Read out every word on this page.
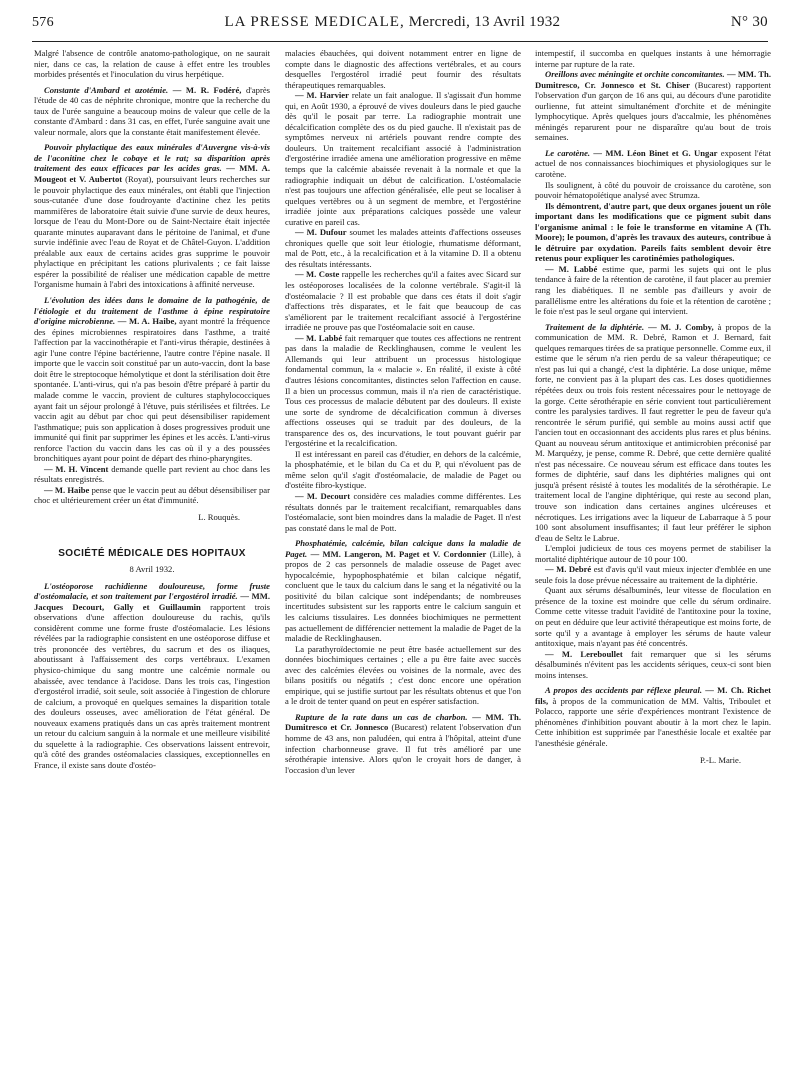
576	LA PRESSE MEDICALE, Mercredi, 13 Avril 1932	N° 30

Malgré l'absence de contrôle anatomo-pathologique, on ne saurait nier, dans ce cas, la relation de cause à effet entre les troubles morbides présentés et l'inoculation du virus herpétique.

Constante d'Ambard et azotémie. — M. R. Fodéré, d'après l'étude de 40 cas de néphrite chronique, montre que la recherche du taux de l'urée sanguine a beaucoup moins de valeur que celle de la constante d'Ambard : dans 31 cas, en effet, l'urée sanguine avait une valeur normale, alors que la constante était manifestement élevée.

Pouvoir phylactique des eaux minérales d'Auvergne vis-à-vis de l'aconitine chez le cobaye et le rat; sa disparition après traitement des eaux efficaces par les acides gras. — MM. A. Mougeot et V. Aubertot (Royat), poursuivant leurs recherches sur le pouvoir phylactique des eaux minérales, ont établi que l'injection sous-cutanée d'une dose foudroyante d'actinine chez les petits mammifères de laboratoire était suivie d'une survie de deux heures, lorsque de l'eau du Mont-Dore ou de Saint-Nectaire était injectée quarante minutes auparavant dans le péritoine de l'animal, et d'une survie indéfinie avec l'eau de Royat et de Châtel-Guyon. L'addition préalable aux eaux de certains acides gras supprime le pouvoir phylactique en précipitant les cations plurivalents ; ce fait laisse espérer la possibilité de réaliser une médication capable de mettre l'organisme humain à l'abri des intoxications à affinité nerveuse.

L'évolution des idées dans le domaine de la pathogénie, de l'étiologie et du traitement de l'asthme à épine respiratoire d'origine microbienne. — M. A. Haibe, ayant montré la fréquence des épines microbiennes respiratoires dans l'asthme, a traité l'affection par la vaccinothérapie et l'anti-virus thérapie, destinées à agir l'une contre l'épine bactérienne, l'autre contre l'épine nasale. Il importe que le vaccin soit constitué par un auto-vaccin, dont la base doit être le streptocoque hémolytique et dont la stérilisation doit être spontanée. L'anti-virus, qui n'a pas besoin d'être préparé à partir du malade comme le vaccin, provient de cultures staphylococciques ayant fait un séjour prolongé à l'étuve, puis stérilisées et filtrées. Le vaccin agit au début par choc qui peut désensibiliser rapidement l'asthmatique; puis son application à doses progressives produit une immunité qui finit par supprimer les épines et les accès. L'anti-virus renforce l'action du vaccin dans les cas où il y a des poussées bronchitiques ayant pour point de départ des rhino-pharyngites.

— M. H. Vincent demande quelle part revient au choc dans les résultats enregistrés.

— M. Haibe pense que le vaccin peut au début désensibiliser par choc et ultérieurement créer un état d'immunité.

L. Rouquès.

SOCIÉTÉ MÉDICALE DES HOPITAUX

8 Avril 1932.

L'ostéoporose rachidienne douloureuse, forme fruste d'ostéomalacie, et son traitement par l'ergostérol irradié. — MM. Jacques Decourt, Gally et Guillaumin rapportent trois observations d'une affection douloureuse du rachis, qu'ils considèrent comme une forme fruste d'ostéomalacie. Les lésions révélées par la radiographie consistent en une ostéoporose diffuse et très prononcée des vertèbres, du sacrum et des os iliaques, aboutissant à l'affaissement des corps vertébraux. L'examen physico-chimique du sang montre une calcémie normale ou abaissée, avec tendance à l'acidose. Dans les trois cas, l'ingestion d'ergostérol irradié, soit seule, soit associée à l'ingestion de chlorure de calcium, a provoqué en quelques semaines la disparition totale des douleurs osseuses, avec amélioration de l'état général. De nouveaux examens pratiqués dans un cas après traitement montrent un retour du calcium sanguin à la normale et une meilleure visibilité du squelette à la radiographie. Ces observations laissent entrevoir, qu'à côté des grandes ostéomalacies classiques, exceptionnelles en France, il existe sans doute d'ostéo-

malacies ébauchées, qui doivent notamment entrer en ligne de compte dans le diagnostic des affections vertébrales, et au cours desquelles l'ergostérol irradié peut fournir des résultats thérapeutiques remarquables.

— M. Harvier relate un fait analogue. Il s'agissait d'un homme qui, en Août 1930, a éprouvé de vives douleurs dans le pied gauche dès qu'il le posait par terre. La radiographie montrait une décalcification complète des os du pied gauche. Il n'existait pas de symptômes nerveux ni artériels pouvant rendre compte des douleurs. Un traitement recalcifiant associé à l'administration d'ergostérine irradiée amena une amélioration progressive en même temps que la calcémie abaissée revenait à la normale et que la radiographie indiquait un début de calcification. L'ostéomalacie n'est pas toujours une affection généralisée, elle peut se localiser à quelques vertèbres ou à un segment de membre, et l'ergostérine irradiée jointe aux préparations calciques possède une valeur curative en pareil cas.

— M. Dufour soumet les malades atteints d'affections osseuses chroniques quelle que soit leur étiologie, rhumatisme déformant, mal de Pott, etc., à la recalcification et à la vitamine D. Il a obtenu des résultats intéressants.

— M. Coste rappelle les recherches qu'il a faites avec Sicard sur les ostéoporoses localisées de la colonne vertébrale. S'agit-il là d'ostéomalacie ? Il est probable que dans ces états il doit s'agir d'affections très disparates, et le fait que beaucoup de cas s'améliorent par le traitement recalcifiant associé à l'ergostérine irradiée ne prouve pas que l'ostéomalacie soit en cause.

— M. Labbé fait remarquer que toutes ces affections ne rentrent pas dans la maladie de Recklinghausen, comme le veulent les Allemands qui leur attribuent un processus histologique fondamental commun, la « malacie ». En réalité, il existe à côté d'autres lésions concomitantes, distinctes selon l'affection en cause. Il a bien un processus commun, mais il n'a rien de caractéristique. Tous ces processus de malacie débutent par des douleurs. Il existe une sorte de syndrome de décalcification commun à diverses affections osseuses qui se traduit par des douleurs, de la transparence des os, des incurvations, le tout pouvant guérir par l'ergostérine et la recalcification.

Il est intéressant en pareil cas d'étudier, en dehors de la calcémie, la phosphatémie, et le bilan du Ca et du P, qui n'évoluent pas de même selon qu'il s'agit d'ostéomalacie, de maladie de Paget ou d'ostéite fibro-kystique.

— M. Decourt considère ces maladies comme différentes. Les résultats donnés par le traitement recalcifiant, remarquables dans l'ostéomalacie, sont bien moindres dans la maladie de Paget. Il n'est pas constaté dans le mal de Pott.

Phosphatémie, calcémie, bilan calcique dans la maladie de Paget. — MM. Langeron, M. Paget et V. Cordonnier (Lille), à propos de 2 cas personnels de maladie osseuse de Paget avec hypocalcémie, hypophosphatémie et bilan calcique négatif, concluent que le taux du calcium dans le sang et la négativité ou la positivité du bilan calcique sont indépendants; de nombreuses incertitudes subsistent sur les rapports entre le calcium sanguin et les calciums tissulaires. Les données biochimiques ne permettent pas actuellement de différencier nettement la maladie de Paget de la maladie de Recklinghausen.

La parathyroïdectomie ne peut être basée actuellement sur des données biochimiques certaines ; elle a pu être faite avec succès avec des calcémies élevées ou voisines de la normale, avec des bilans positifs ou négatifs ; c'est donc encore une opération empirique, qui se justifie surtout par les résultats obtenus et que l'on a le droit de tenter quand on peut en espérer satisfaction.

Rupture de la rate dans un cas de charbon. — MM. Th. Dumitresco et Cr. Jonnesco (Bucarest) relatent l'observation d'un homme de 43 ans, non paludéen, qui entra à l'hôpital, atteint d'une infection charbonneuse grave. Il fut très amélioré par une sérothérapie intensive. Alors qu'on le croyait hors de danger, à l'occasion d'un lever

intempestif, il succomba en quelques instants à une hémorragie interne par rupture de la rate.

Oreillons avec méningite et orchite concomitantes. — MM. Th. Dumitresco, Cr. Jonnesco et St. Chiser (Bucarest) rapportent l'observation d'un garçon de 16 ans qui, au décours d'une parotidite ourlienne, fut atteint simultanément d'orchite et de méningite lymphocytique. Après quelques jours d'accalmie, les phénomènes méningés reparurent pour ne disparaître qu'au bout de trois semaines.

Le carotène. — MM. Léon Binet et G. Ungar exposent l'état actuel de nos connaissances biochimiques et physiologiques sur le carotène.

Ils soulignent, à côté du pouvoir de croissance du carotène, son pouvoir hématopoïétique analysé avec Strumza.

Ils démontrent, d'autre part, que deux organes jouent un rôle important dans les modifications que ce pigment subit dans l'organisme animal : le foie le transforme en vitamine A (Th. Moore); le poumon, d'après les travaux des auteurs, contribue à le détruire par oxydation. Pareils faits semblent devoir être retenus pour expliquer les carotinémies pathologiques.

— M. Labbé estime que, parmi les sujets qui ont le plus tendance à faire de la rétention de carotène, il faut placer au premier rang les diabétiques. Il ne semble pas d'ailleurs y avoir de parallélisme entre les altérations du foie et la rétention de carotène ; le foie n'est pas le seul organe qui intervient.

Traitement de la diphtérie. — M. J. Comby, à propos de la communication de MM. R. Debré, Ramon et J. Bernard, fait quelques remarques tirées de sa pratique personnelle. Comme eux, il estime que le sérum n'a rien perdu de sa valeur thérapeutique; ce n'est pas lui qui a changé, c'est la diphtérie. La dose unique, même forte, ne convient pas à la plupart des cas. Les doses quotidiennes répétées deux ou trois fois restent nécessaires pour le nettoyage de la gorge. Cette sérothérapie en série convient tout particulièrement contre les paralysies tardives. Il faut regretter le peu de faveur qu'a rencontrée le sérum purifié, qui semble au moins aussi actif que l'ancien tout en occasionnant des accidents plus rares et plus bénins. Quant au nouveau sérum antitoxique et antimicrobien préconisé par M. Marquézy, je pense, comme R. Debré, que cette dernière qualité n'est pas nécessaire. Ce nouveau sérum est efficace dans toutes les formes de diphtérie, sauf dans les diphtéries malignes qui ont jusqu'à présent résisté à toutes les modalités de la sérothérapie. Le traitement local de l'angine diphtérique, qui reste au second plan, trouve son indication dans certaines angines ulcéreuses et nécrotiques. Les irrigations avec la liqueur de Labarraque à 5 pour 100 sont absolument insuffisantes; il faut leur préférer le siphon d'eau de Seltz le Labrue.

L'emploi judicieux de tous ces moyens permet de stabiliser la mortalité diphtérique autour de 10 pour 100.

— M. Debré est d'avis qu'il vaut mieux injecter d'emblée en une seule fois la dose prévue nécessaire au traitement de la diphtérie.

Quant aux sérums désalbuminés, leur vitesse de floculation en présence de la toxine est moindre que celle du sérum ordinaire. Comme cette vitesse traduit l'avidité de l'antitoxine pour la toxine, on peut en déduire que leur activité thérapeutique est moins forte, de sorte qu'il y a avantage à employer les sérums de haute valeur antitoxique, mais n'ayant pas été concentrés.

— M. Lereboullet fait remarquer que si les sérums désalbuminés n'évitent pas les accidents sériques, ceux-ci sont bien moins intenses.

A propos des accidents par réflexe pleural. — M. Ch. Richet fils, à propos de la communication de MM. Valtis, Triboulet et Polacco, rapporte une série d'expériences montrant l'existence de phénomènes d'inhibition pouvant aboutir à la mort chez le lapin. Cette inhibition est supprimée par l'anesthésie locale et exaltée par l'anesthésie générale.

P.-L. Marie.
